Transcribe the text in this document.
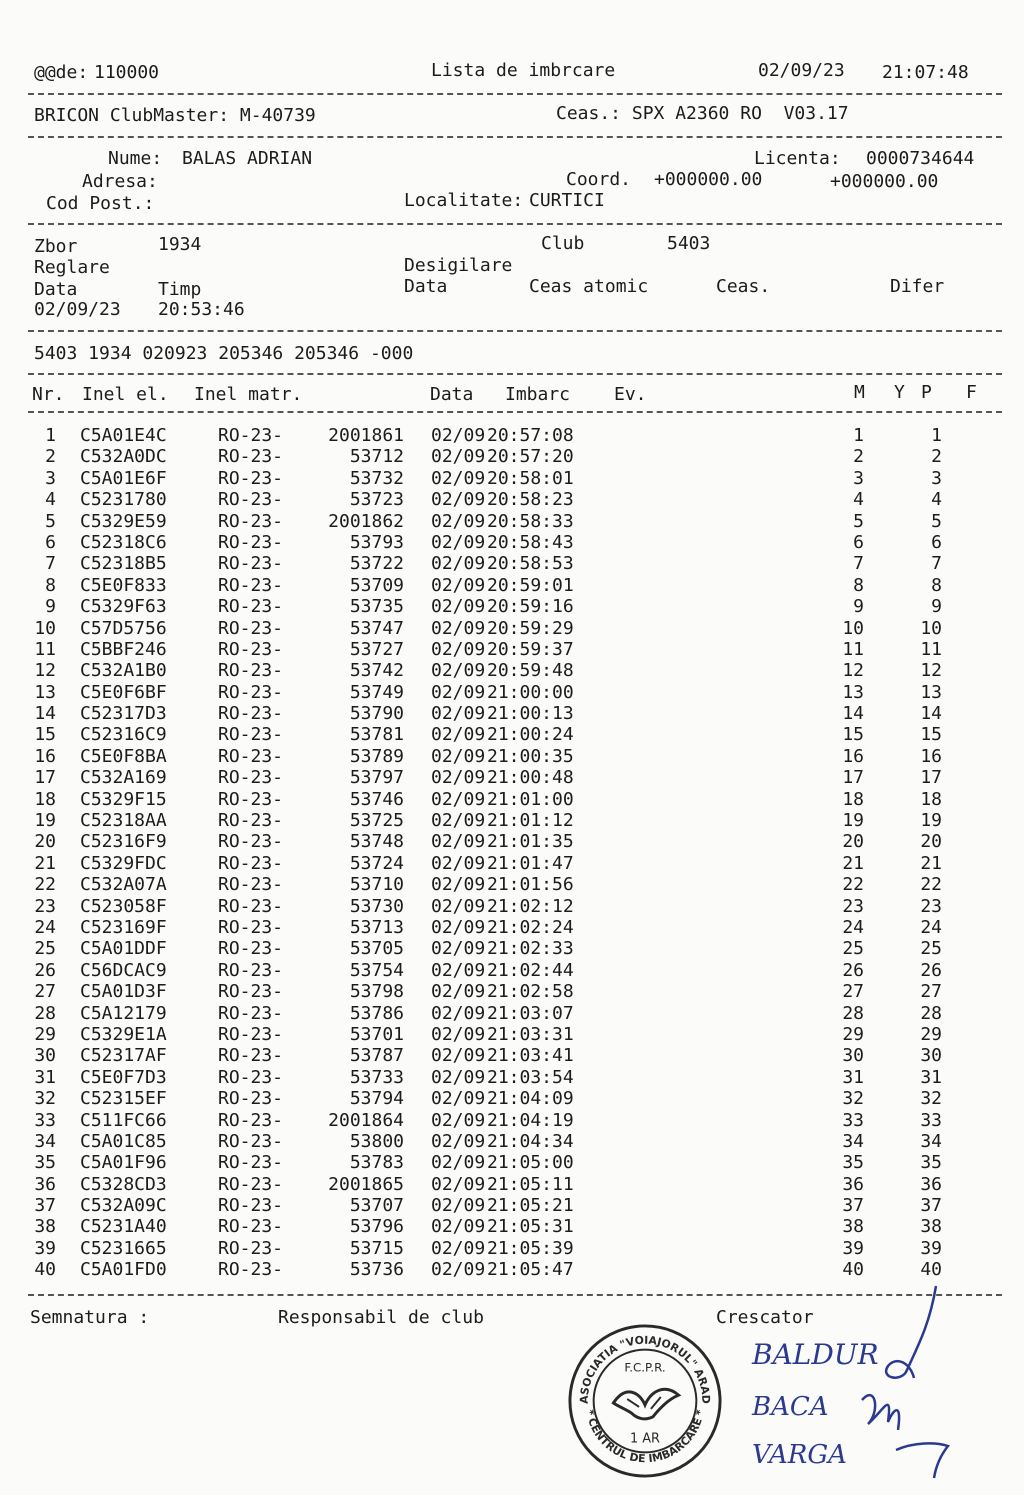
@@de: 110000	Lista de imbrcare	02/09/23 21:07:48
BRICON ClubMaster: M-40739	Ceas.: SPX A2360 RO  V03.17
Nume: BALAS ADRIAN	Licenta: 0000734644
Adresa:	Coord. +000000.00	+000000.00
Cod Post.:	Localitate: CURTICI
Zbor	1934	Club	5403
Reglare	Desigilare
Data	Timp	Data	Ceas atomic	Ceas.	Difer
02/09/23 20:53:46
5403 1934 020923 205346 205346 -000
Nr. Inel el. Inel matr.	Data Imbarc Ev.	M Y P F
1 C5A01E4C	RO-23-	2001861 02/09 20:57:08	1	1
2 C532A0DC	RO-23-	53712 02/09 20:57:20	2	2
3 C5A01E6F	RO-23-	53732 02/09 20:58:01	3	3
4 C5231780	RO-23-	53723 02/09 20:58:23	4	4
5 C5329E59	RO-23-	2001862 02/09 20:58:33	5	5
6 C52318C6	RO-23-	53793 02/09 20:58:43	6	6
7 C52318B5	RO-23-	53722 02/09 20:58:53	7	7
8 C5E0F833	RO-23-	53709 02/09 20:59:01	8	8
9 C5329F63	RO-23-	53735 02/09 20:59:16	9	9
10 C57D5756	RO-23-	53747 02/09 20:59:29	10	10
11 C5BBF246	RO-23-	53727 02/09 20:59:37	11	11
12 C532A1B0	RO-23-	53742 02/09 20:59:48	12	12
13 C5E0F6BF	RO-23-	53749 02/09 21:00:00	13	13
14 C52317D3	RO-23-	53790 02/09 21:00:13	14	14
15 C52316C9	RO-23-	53781 02/09 21:00:24	15	15
16 C5E0F8BA	RO-23-	53789 02/09 21:00:35	16	16
17 C532A169	RO-23-	53797 02/09 21:00:48	17	17
18 C5329F15	RO-23-	53746 02/09 21:01:00	18	18
19 C52318AA	RO-23-	53725 02/09 21:01:12	19	19
20 C52316F9	RO-23-	53748 02/09 21:01:35	20	20
21 C5329FDC	RO-23-	53724 02/09 21:01:47	21	21
22 C532A07A	RO-23-	53710 02/09 21:01:56	22	22
23 C523058F	RO-23-	53730 02/09 21:02:12	23	23
24 C523169F	RO-23-	53713 02/09 21:02:24	24	24
25 C5A01DDF	RO-23-	53705 02/09 21:02:33	25	25
26 C56DCAC9	RO-23-	53754 02/09 21:02:44	26	26
27 C5A01D3F	RO-23-	53798 02/09 21:02:58	27	27
28 C5A12179	RO-23-	53786 02/09 21:03:07	28	28
29 C5329E1A	RO-23-	53701 02/09 21:03:31	29	29
30 C52317AF	RO-23-	53787 02/09 21:03:41	30	30
31 C5E0F7D3	RO-23-	53733 02/09 21:03:54	31	31
32 C52315EF	RO-23-	53794 02/09 21:04:09	32	32
33 C511FC66	RO-23-	2001864 02/09 21:04:19	33	33
34 C5A01C85	RO-23-	53800 02/09 21:04:34	34	34
35 C5A01F96	RO-23-	53783 02/09 21:05:00	35	35
36 C5328CD3	RO-23-	2001865 02/09 21:05:11	36	36
37 C532A09C	RO-23-	53707 02/09 21:05:21	37	37
38 C5231A40	RO-23-	53796 02/09 21:05:31	38	38
39 C5231665	RO-23-	53715 02/09 21:05:39	39	39
40 C5A01FD0	RO-23-	53736 02/09 21:05:47	40	40
Semnatura :	Responsabil de club	Crescator
ASOCIATIA "VOIAJORUL" ARAD
* CENTRUL DE IMBARCARE *
F.C.P.R.
1 AR
BALDUR
BACA
VARGA
